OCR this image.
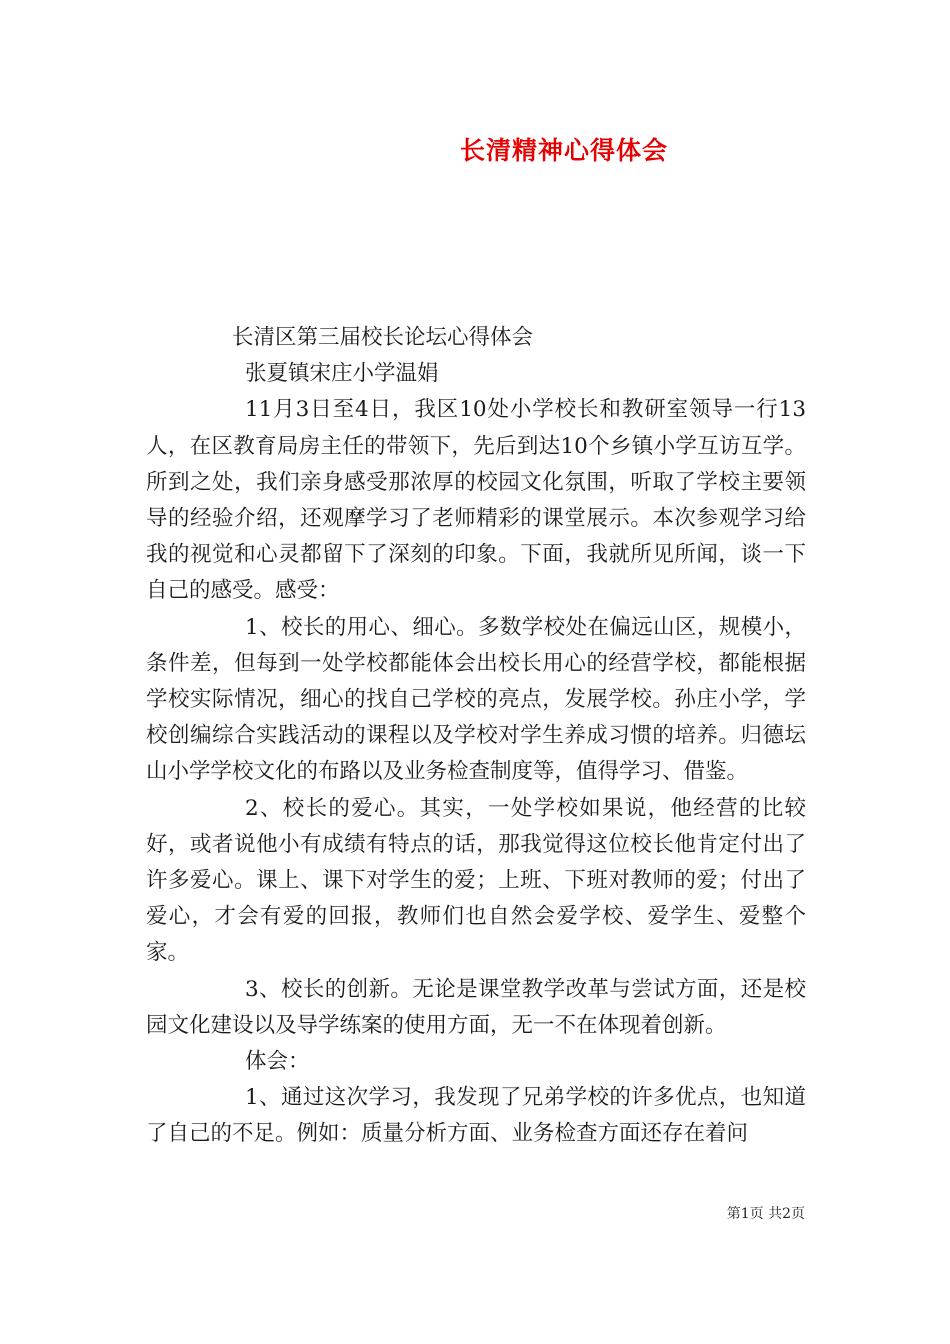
长清精神心得体会

长清区第三届校长论坛心得体会

张夏镇宋庄小学温娟

11月3日至4日，我区10处小学校长和教研室领导一行13人，在区教育局房主任的带领下，先后到达10个乡镇小学互访互学。所到之处，我们亲身感受那浓厚的校园文化氛围，听取了学校主要领导的经验介绍，还观摩学习了老师精彩的课堂展示。本次参观学习给我的视觉和心灵都留下了深刻的印象。下面，我就所见所闻，谈一下自己的感受。感受：

1、校长的用心、细心。多数学校处在偏远山区，规模小，条件差，但每到一处学校都能体会出校长用心的经营学校，都能根据学校实际情况，细心的找自己学校的亮点，发展学校。孙庄小学，学校创编综合实践活动的课程以及学校对学生养成习惯的培养。归德坛山小学学校文化的布路以及业务检查制度等，值得学习、借鉴。

2、校长的爱心。其实，一处学校如果说，他经营的比较好，或者说他小有成绩有特点的话，那我觉得这位校长他肯定付出了许多爱心。课上、课下对学生的爱；上班、下班对教师的爱；付出了爱心，才会有爱的回报，教师们也自然会爱学校、爱学生、爱整个家。

3、校长的创新。无论是课堂教学改革与尝试方面，还是校园文化建设以及导学练案的使用方面，无一不在体现着创新。

体会：

1、通过这次学习，我发现了兄弟学校的许多优点，也知道了自己的不足。例如：质量分析方面、业务检查方面还存在着问

第1页 共2页
